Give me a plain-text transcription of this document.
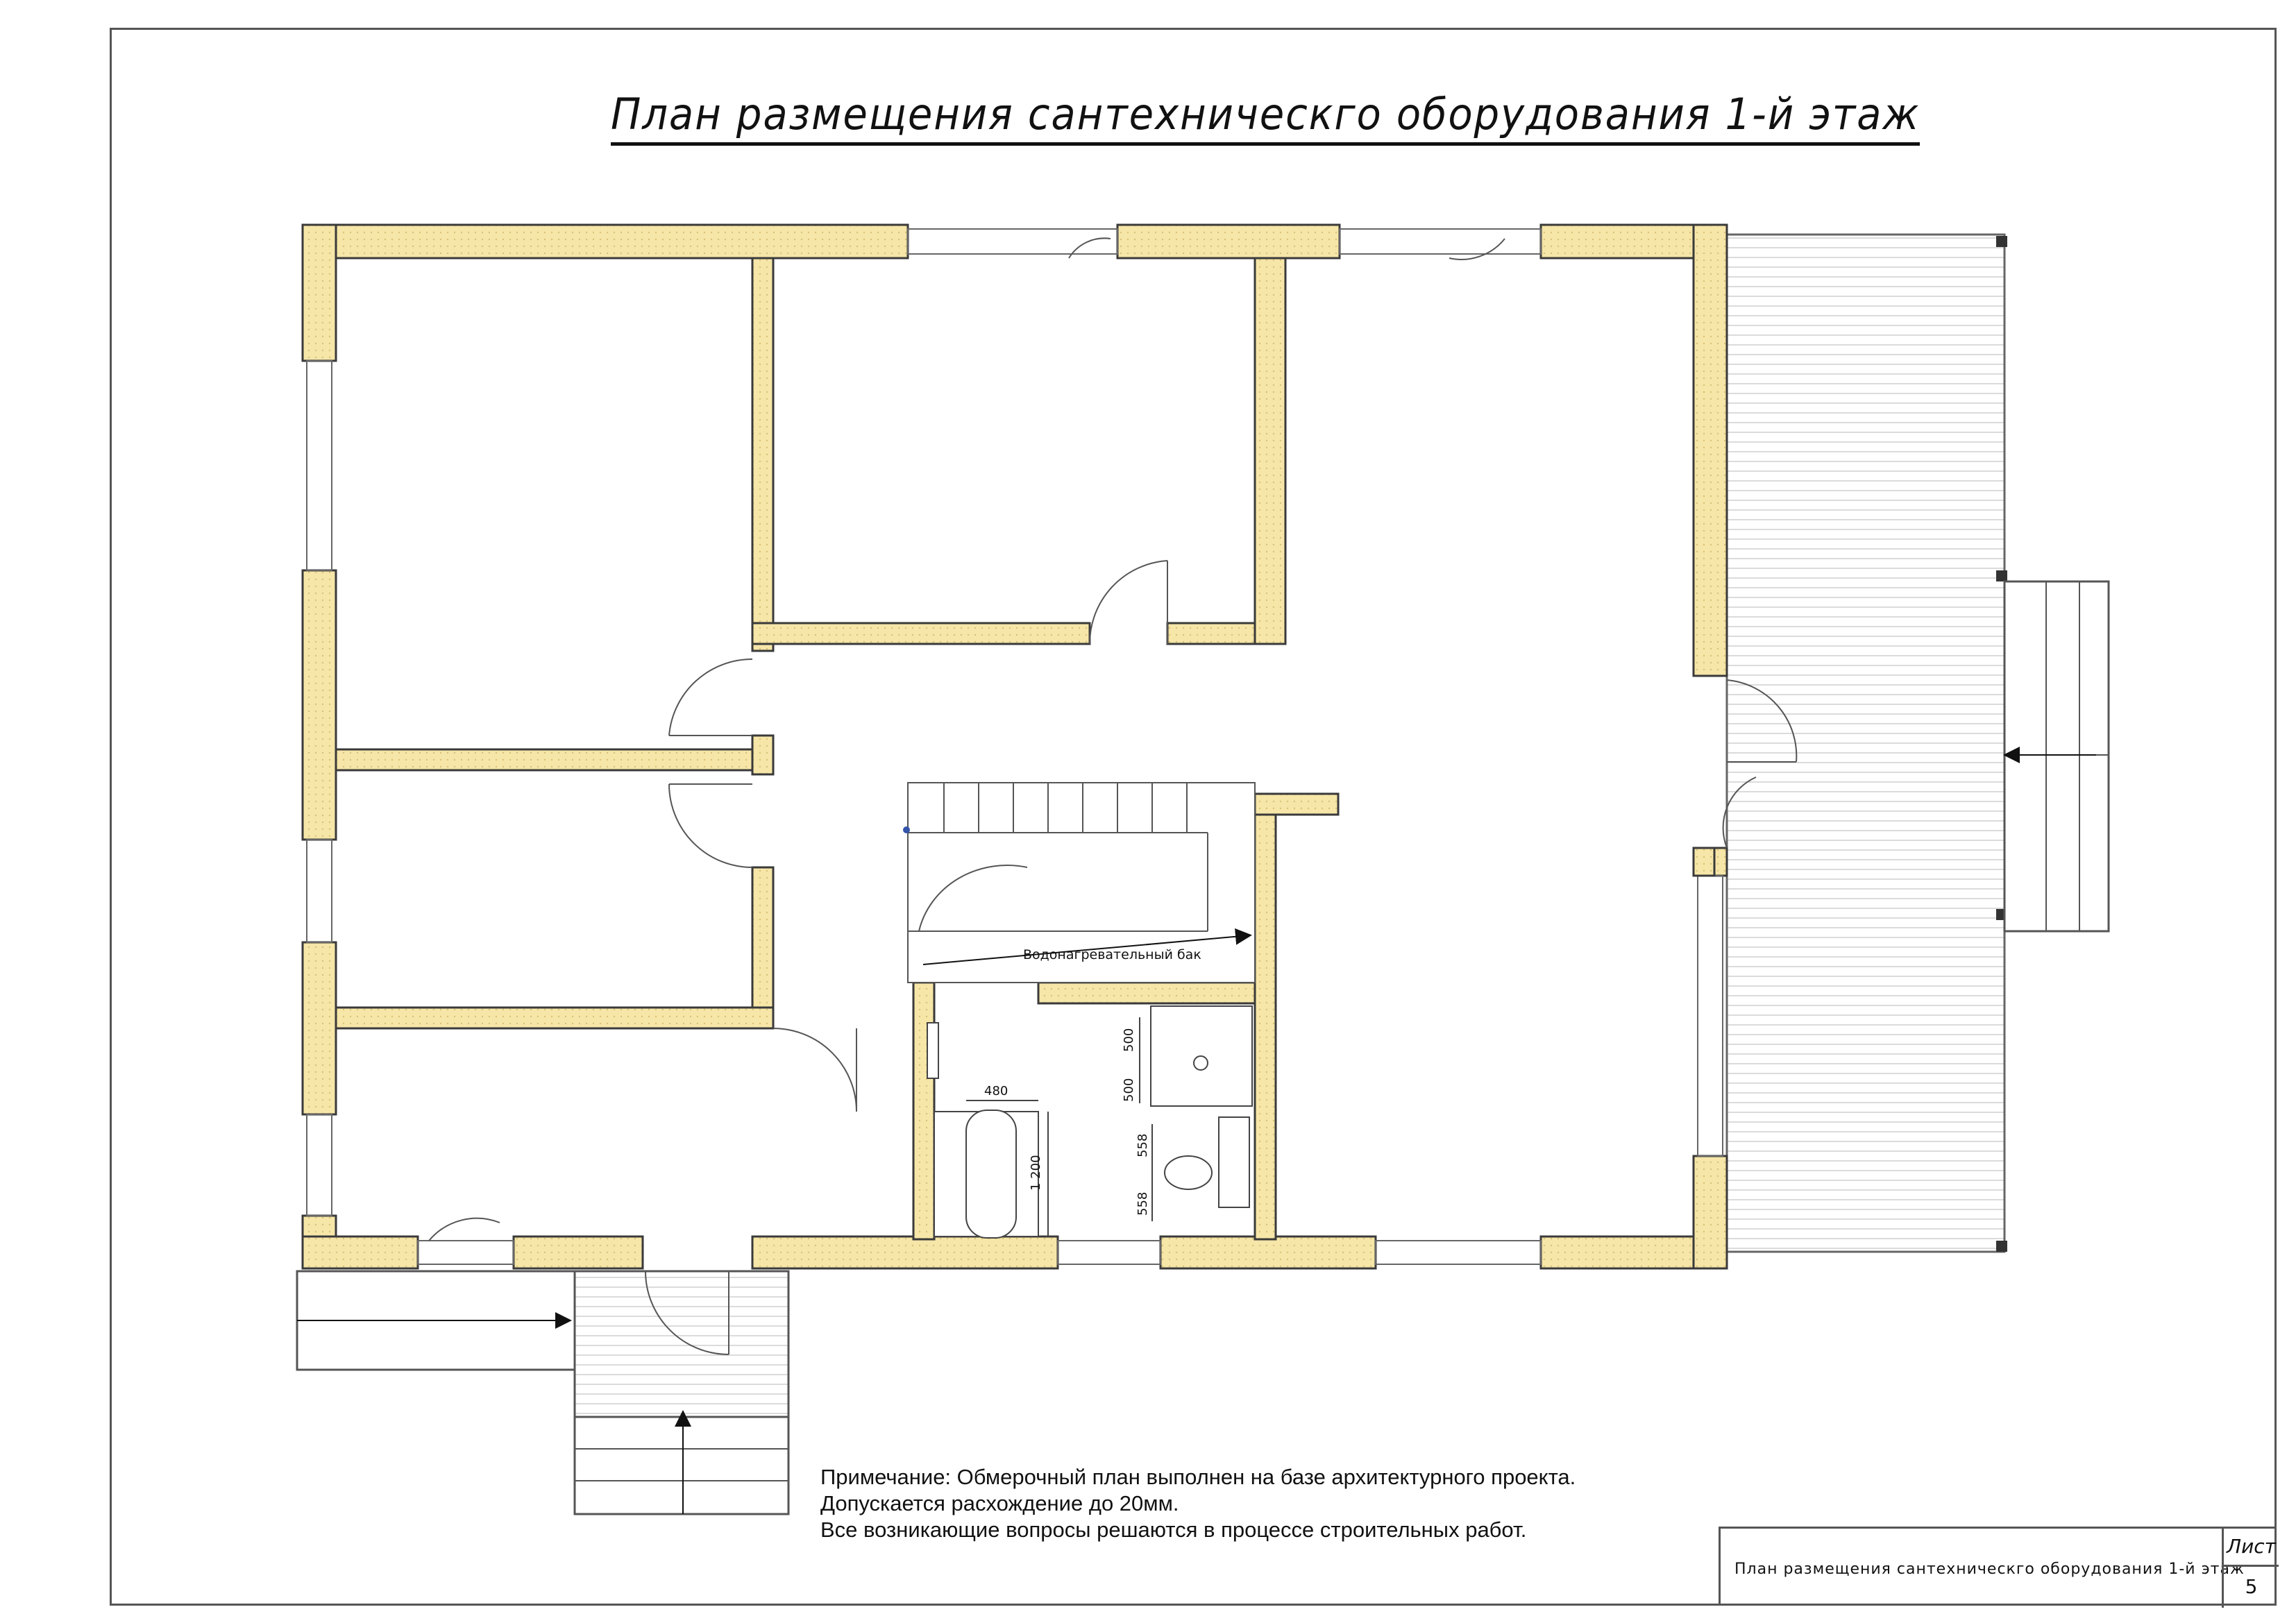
План размещения сантехническго оборудования 1-й этаж
Водонагревательный бак
480
1 200
500
500
558
558
Примечание: Обмерочный план выполнен на базе архитектурного проекта.
Допускается расхождение до 20мм.
Все возникающие вопросы решаются в процессе строительных работ.
План размещения сантехническго оборудования 1-й этаж
Лист
5
